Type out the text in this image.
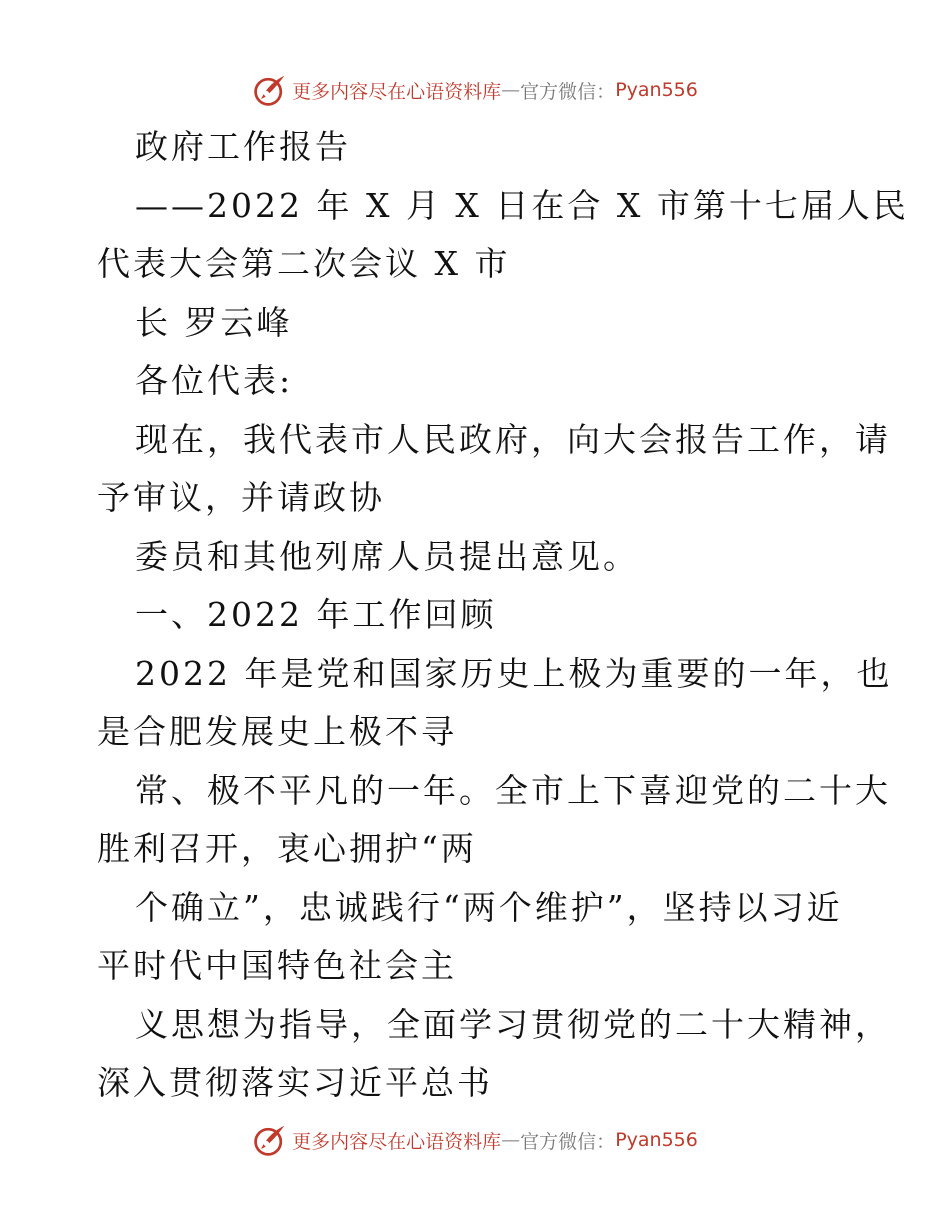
更多内容尽在心语资料库 — 官方微信： Pyan556
政府工作报告
——2022 年 X 月 X 日在合 X 市第十七届人民
代表大会第二次会议 X 市
长 罗云峰
各位代表:
现在，我代表市人民政府，向大会报告工作，请
予审议，并请政协
委员和其他列席人员提出意见。
一、2022 年工作回顾
2022 年是党和国家历史上极为重要的一年，也
是合肥发展史上极不寻
常、极不平凡的一年。全市上下喜迎党的二十大
胜利召开，衷心拥护“两
个确立”，忠诚践行“两个维护”，坚持以习近
平时代中国特色社会主
义思想为指导，全面学习贯彻党的二十大精神，
深入贯彻落实习近平总书
更多内容尽在心语资料库 — 官方微信： Pyan556
